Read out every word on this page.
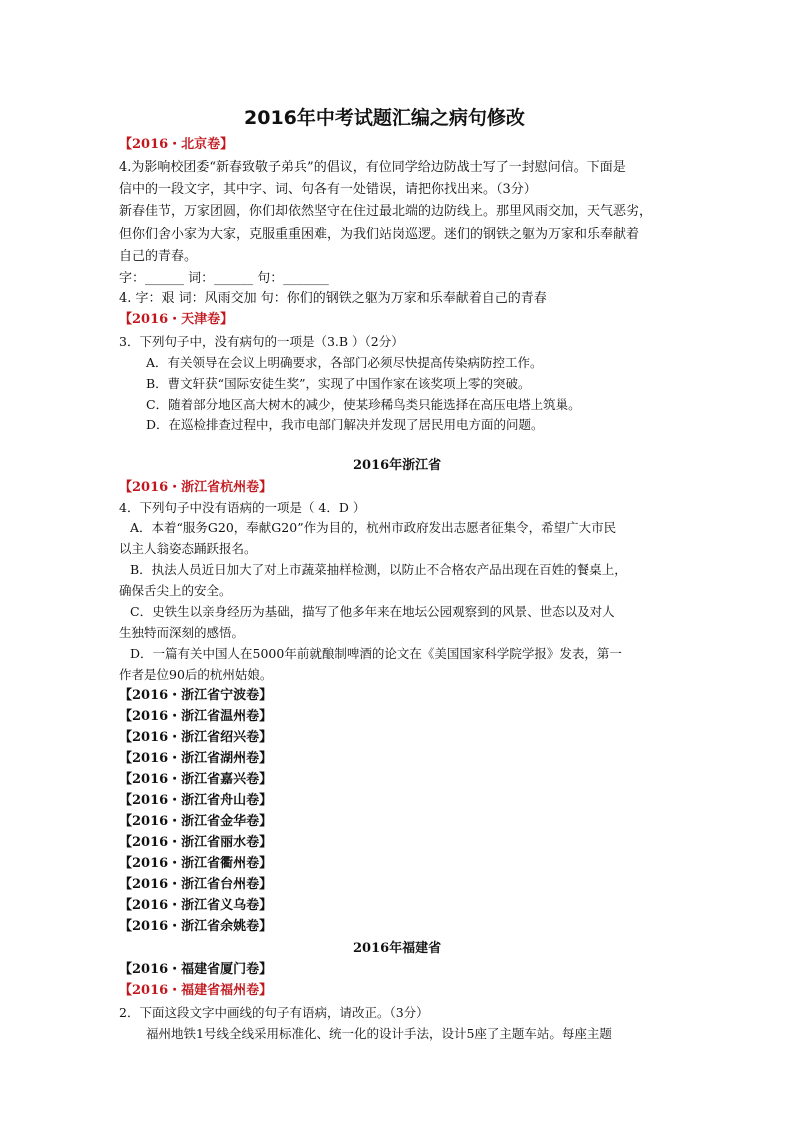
2016年中考试题汇编之病句修改
【2016・北京卷】
4.为影响校团委“新春致敬子弟兵”的倡议，有位同学给边防战士写了一封慰问信。下面是
信中的一段文字，其中字、词、句各有一处错误，请把你找出来。（3分）
新春佳节，万家团圆，你们却依然坚守在住过最北端的边防线上。那里风雨交加，天气恶劣，
但你们舍小家为大家，克服重重困难，为我们站岗巡逻。迷们的钢铁之躯为万家和乐奉献着
自己的青春。
字：______ 词：______ 句：_______
4. 字：艰 词：风雨交加 句：你们的钢铁之躯为万家和乐奉献着自己的青春
【2016・天津卷】
3．下列句子中，没有病句的一项是（3.B ）（2分）
A．有关领导在会议上明确要求，各部门必须尽快提高传染病防控工作。
B．曹文轩获“国际安徒生奖”，实现了中国作家在该奖项上零的突破。
C．随着部分地区高大树木的减少，使某珍稀鸟类只能选择在高压电塔上筑巢。
D．在巡检排查过程中，我市电部门解决并发现了居民用电方面的问题。
2016年浙江省
【2016・浙江省杭州卷】
4．下列句子中没有语病的一项是（ 4．D ）
A．本着“服务G20，奉献G20”作为目的，杭州市政府发出志愿者征集令，希望广大市民
以主人翁姿态踊跃报名。
B．执法人员近日加大了对上市蔬菜抽样检测，以防止不合格农产品出现在百姓的餐桌上，
确保舌尖上的安全。
C．史铁生以亲身经历为基础，描写了他多年来在地坛公园观察到的风景、世态以及对人
生独特而深刻的感悟。
D．一篇有关中国人在5000年前就酿制啤酒的论文在《美国国家科学院学报》发表，第一
作者是位90后的杭州姑娘。
【2016・浙江省宁波卷】
【2016・浙江省温州卷】
【2016・浙江省绍兴卷】
【2016・浙江省湖州卷】
【2016・浙江省嘉兴卷】
【2016・浙江省舟山卷】
【2016・浙江省金华卷】
【2016・浙江省丽水卷】
【2016・浙江省衢州卷】
【2016・浙江省台州卷】
【2016・浙江省义乌卷】
【2016・浙江省余姚卷】
2016年福建省
【2016・福建省厦门卷】
【2016・福建省福州卷】
2．下面这段文字中画线的句子有语病，请改正。（3分）
福州地铁1号线全线采用标准化、统一化的设计手法，设计5座了主题车站。每座主题
